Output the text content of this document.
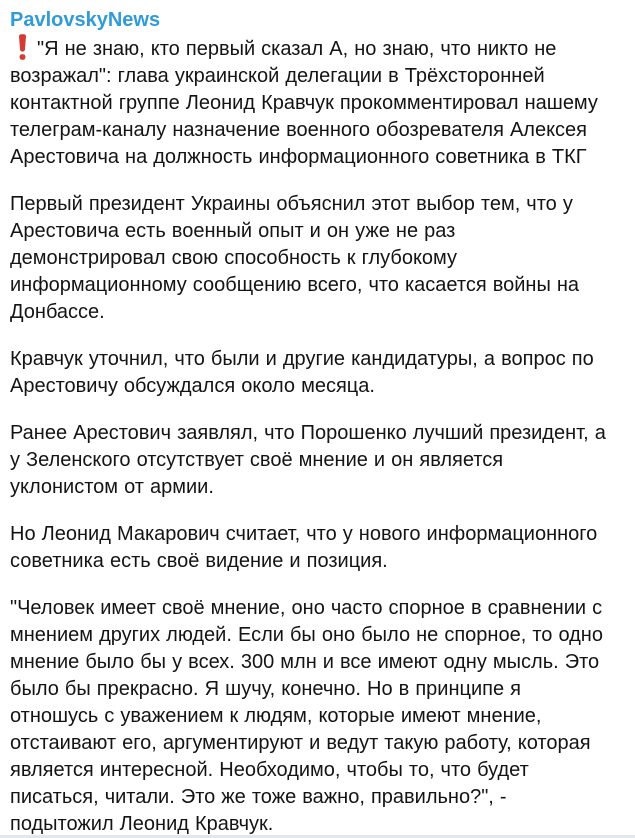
PavlovskyNews

"Я не знаю, кто первый сказал А, но знаю, что никто не возражал": глава украинской делегации в Трёхсторонней контактной группе Леонид Кравчук прокомментировал нашему телеграм-каналу назначение военного обозревателя Алексея Арестовича на должность информационного советника в ТКГ

Первый президент Украины объяснил этот выбор тем, что у Арестовича есть военный опыт и он уже не раз демонстрировал свою способность к глубокому информационному сообщению всего, что касается войны на Донбассе.

Кравчук уточнил, что были и другие кандидатуры, а вопрос по Арестовичу обсуждался около месяца.

Ранее Арестович заявлял, что Порошенко лучший президент, а у Зеленского отсутствует своё мнение и он является уклонистом от армии.

Но Леонид Макарович считает, что у нового информационного советника есть своё видение и позиция.

"Человек имеет своё мнение, оно часто спорное в сравнении с мнением других людей. Если бы оно было не спорное, то одно мнение было бы у всех. 300 млн и все имеют одну мысль. Это было бы прекрасно. Я шучу, конечно. Но в принципе я отношусь с уважением к людям, которые имеют мнение, отстаивают его, аргументируют и ведут такую работу, которая является интересной. Необходимо, чтобы то, что будет писаться, читали. Это же тоже важно, правильно?", - подытожил Леонид Кравчук.
